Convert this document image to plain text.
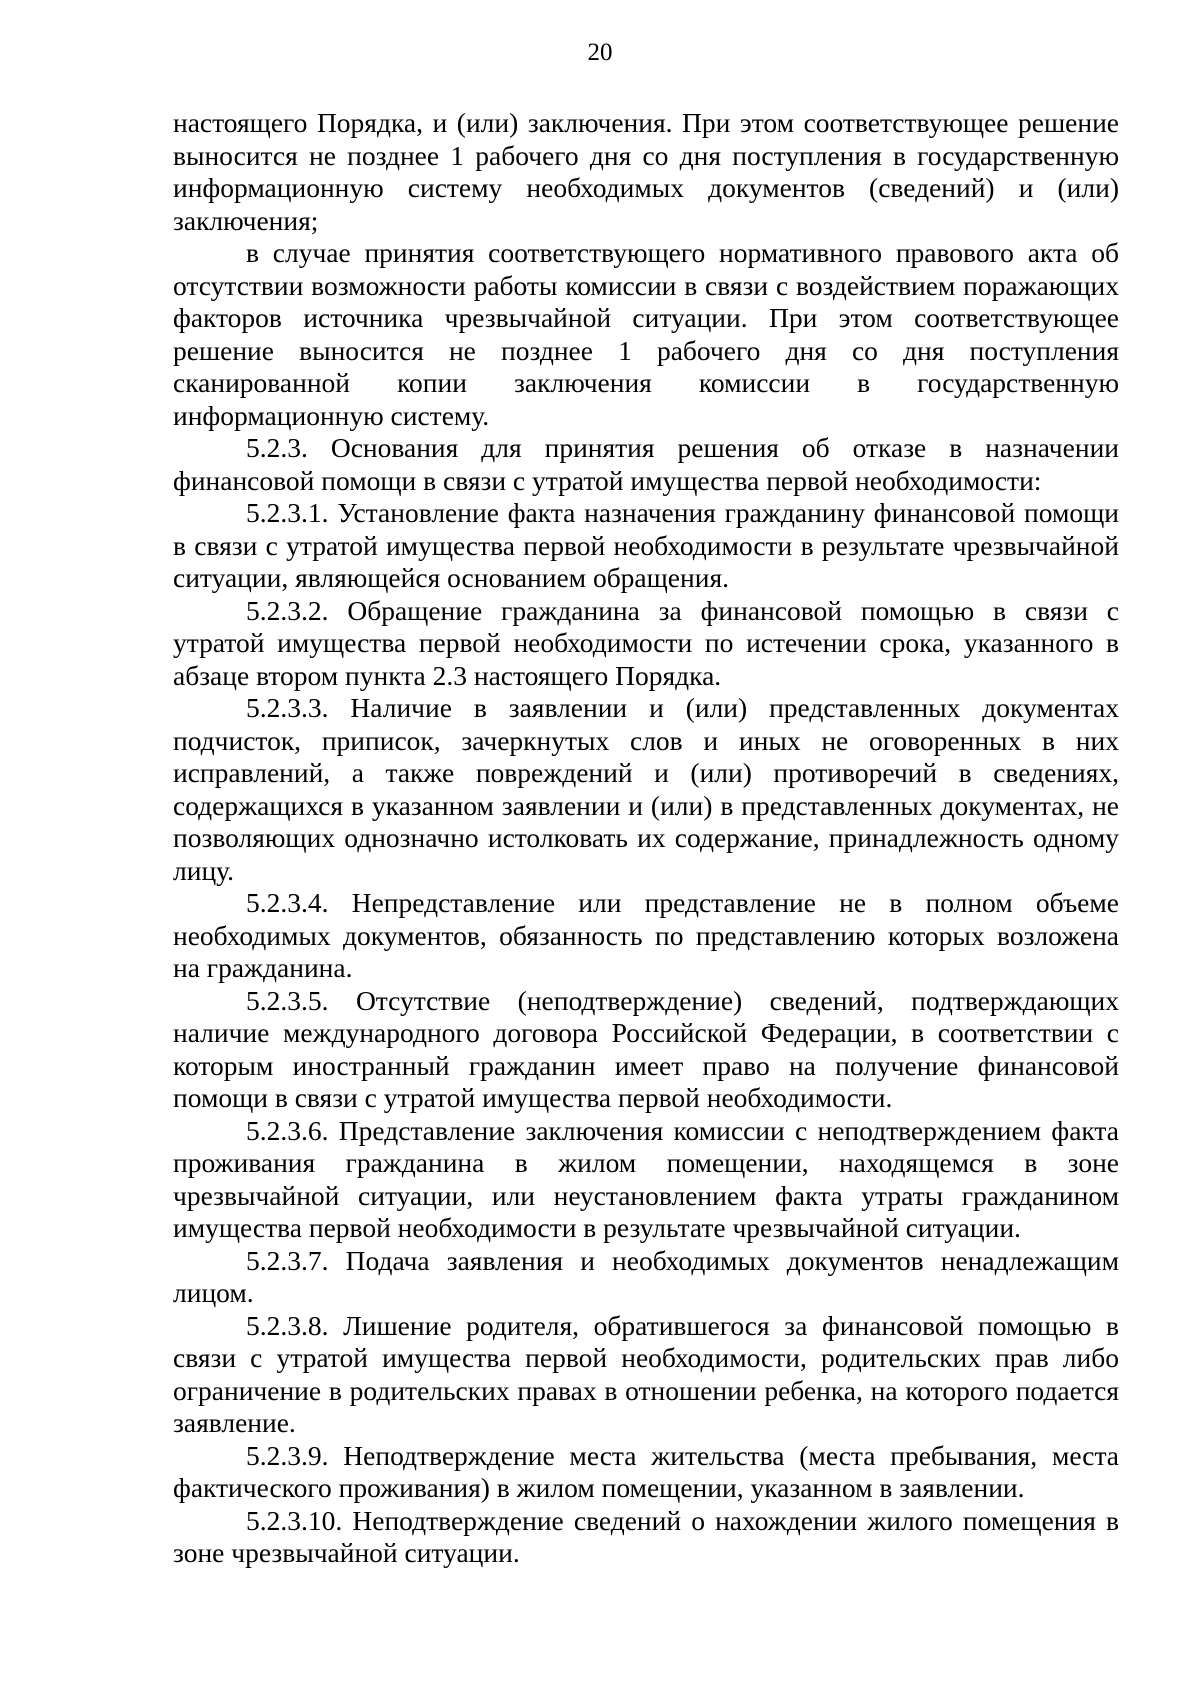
20

настоящего Порядка, и (или) заключения. При этом соответствующее решение выносится не позднее 1 рабочего дня со дня поступления в государственную информационную систему необходимых документов (сведений) и (или) заключения;

в случае принятия соответствующего нормативного правового акта об отсутствии возможности работы комиссии в связи с воздействием поражающих факторов источника чрезвычайной ситуации. При этом соответствующее решение выносится не позднее 1 рабочего дня со дня поступления сканированной копии заключения комиссии в государственную информационную систему.

5.2.3. Основания для принятия решения об отказе в назначении финансовой помощи в связи с утратой имущества первой необходимости:

5.2.3.1. Установление факта назначения гражданину финансовой помощи в связи с утратой имущества первой необходимости в результате чрезвычайной ситуации, являющейся основанием обращения.

5.2.3.2. Обращение гражданина за финансовой помощью в связи с утратой имущества первой необходимости по истечении срока, указанного в абзаце втором пункта 2.3 настоящего Порядка.

5.2.3.3. Наличие в заявлении и (или) представленных документах подчисток, приписок, зачеркнутых слов и иных не оговоренных в них исправлений, а также повреждений и (или) противоречий в сведениях, содержащихся в указанном заявлении и (или) в представленных документах, не позволяющих однозначно истолковать их содержание, принадлежность одному лицу.

5.2.3.4. Непредставление или представление не в полном объеме необходимых документов, обязанность по представлению которых возложена на гражданина.

5.2.3.5. Отсутствие (неподтверждение) сведений, подтверждающих наличие международного договора Российской Федерации, в соответствии с которым иностранный гражданин имеет право на получение финансовой помощи в связи с утратой имущества первой необходимости.

5.2.3.6. Представление заключения комиссии с неподтверждением факта проживания гражданина в жилом помещении, находящемся в зоне чрезвычайной ситуации, или неустановлением факта утраты гражданином имущества первой необходимости в результате чрезвычайной ситуации.

5.2.3.7. Подача заявления и необходимых документов ненадлежащим лицом.

5.2.3.8. Лишение родителя, обратившегося за финансовой помощью в связи с утратой имущества первой необходимости, родительских прав либо ограничение в родительских правах в отношении ребенка, на которого подается заявление.

5.2.3.9. Неподтверждение места жительства (места пребывания, места фактического проживания) в жилом помещении, указанном в заявлении.

5.2.3.10. Неподтверждение сведений о нахождении жилого помещения в зоне чрезвычайной ситуации.
